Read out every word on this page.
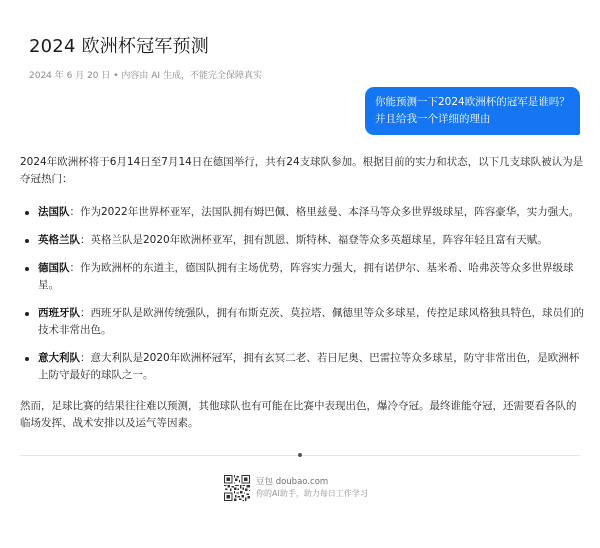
2024 欧洲杯冠军预测
2024 年 6 月 20 日 • 内容由 AI 生成，不能完全保障真实
你能预测一下2024欧洲杯的冠军是谁吗？
并且给我一个详细的理由

2024年欧洲杯将于6月14日至7月14日在德国举行，共有24支球队参加。根据目前的实力和状态，以下几支球队被认为是夺冠热门：

法国队：作为2022年世界杯亚军，法国队拥有姆巴佩、格里兹曼、本泽马等众多世界级球星，阵容豪华，实力强大。
英格兰队：英格兰队是2020年欧洲杯亚军，拥有凯恩、斯特林、福登等众多英超球星，阵容年轻且富有天赋。
德国队：作为欧洲杯的东道主，德国队拥有主场优势，阵容实力强大，拥有诺伊尔、基米希、哈弗茨等众多世界级球星。
西班牙队：西班牙队是欧洲传统强队，拥有布斯克茨、莫拉塔、佩德里等众多球星，传控足球风格独具特色，球员们的技术非常出色。
意大利队：意大利队是2020年欧洲杯冠军，拥有玄冥二老、若日尼奥、巴雷拉等众多球星，防守非常出色，是欧洲杯上防守最好的球队之一。

然而，足球比赛的结果往往难以预测，其他球队也有可能在比赛中表现出色，爆冷夺冠。最终谁能夺冠，还需要看各队的临场发挥、战术安排以及运气等因素。

豆包 doubao.com
你的AI助手，助力每日工作学习
